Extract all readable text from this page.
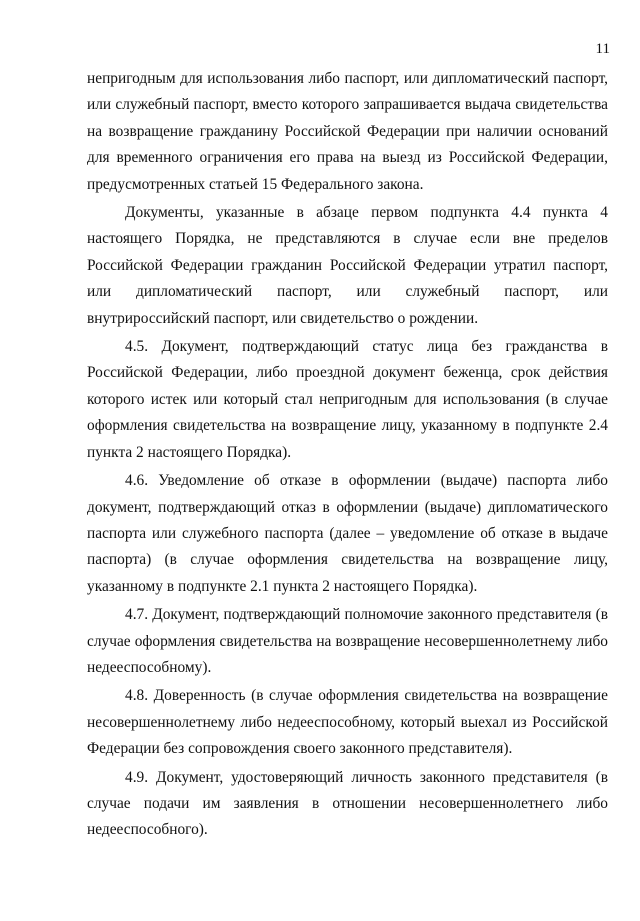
11

непригодным для использования либо паспорт, или дипломатический паспорт, или служебный паспорт, вместо которого запрашивается выдача свидетельства на возвращение гражданину Российской Федерации при наличии оснований для временного ограничения его права на выезд из Российской Федерации, предусмотренных статьей 15 Федерального закона.

Документы, указанные в абзаце первом подпункта 4.4 пункта 4 настоящего Порядка, не представляются в случае если вне пределов Российской Федерации гражданин Российской Федерации утратил паспорт, или дипломатический паспорт, или служебный паспорт, или внутрироссийский паспорт, или свидетельство о рождении.

4.5. Документ, подтверждающий статус лица без гражданства в Российской Федерации, либо проездной документ беженца, срок действия которого истек или который стал непригодным для использования (в случае оформления свидетельства на возвращение лицу, указанному в подпункте 2.4 пункта 2 настоящего Порядка).

4.6. Уведомление об отказе в оформлении (выдаче) паспорта либо документ, подтверждающий отказ в оформлении (выдаче) дипломатического паспорта или служебного паспорта (далее – уведомление об отказе в выдаче паспорта) (в случае оформления свидетельства на возвращение лицу, указанному в подпункте 2.1 пункта 2 настоящего Порядка).

4.7. Документ, подтверждающий полномочие законного представителя (в случае оформления свидетельства на возвращение несовершеннолетнему либо недееспособному).

4.8. Доверенность (в случае оформления свидетельства на возвращение несовершеннолетнему либо недееспособному, который выехал из Российской Федерации без сопровождения своего законного представителя).

4.9. Документ, удостоверяющий личность законного представителя (в случае подачи им заявления в отношении несовершеннолетнего либо недееспособного).
